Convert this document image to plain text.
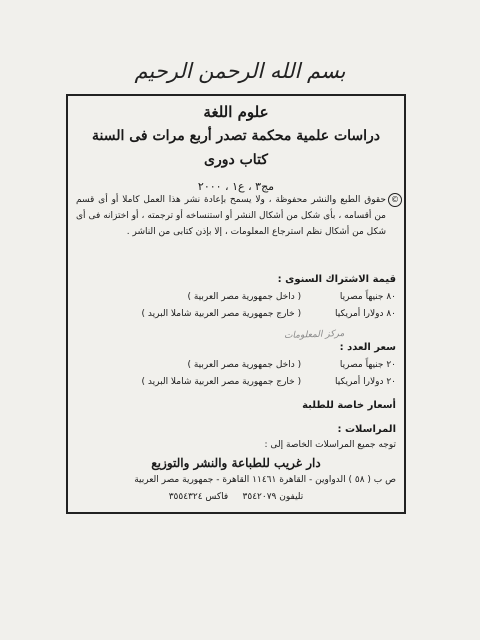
بسم الله الرحمن الرحيم
علوم اللغة
دراسات علمية محكمة تصدر أربع مرات فى السنة
كتاب دورى
مج٣ ، ع١ ، ٢٠٠٠
©
حقوق الطبع والنشر محفوظة ، ولا يسمح بإعادة نشر هذا العمل كاملا أو أى قسم من أقسامه ، بأى شكل من أشكال النشر أو استنساخه أو ترجمته ، أو اختزانه فى أى شكل من أشكال نظم استرجاع المعلومات ، إلا بإذن كتابى من الناشر .
قيمة الاشتراك السنوى :
٨٠ جنيهاً مصريا ( داخل جمهورية مصر العربية )
٨٠ دولارا أمريكيا ( خارج جمهورية مصر العربية شاملا البريد )
مركز المعلومات
سعر العدد :
٢٠ جنيهاً مصريا ( داخل جمهورية مصر العربية )
٢٠ دولارا أمريكيا ( خارج جمهورية مصر العربية شاملا البريد )
أسعار خاصة للطلبة
المراسلات :
توجه جميع المراسلات الخاصة إلى :
دار غريب للطباعة والنشر والتوزيع
ص ب ( ٥٨ ) الدواوين - القاهرة ١١٤٦١ القاهرة - جمهورية مصر العربية
تليفون ٣٥٤٢٠٧٩     فاكس ٣٥٥٤٣٢٤
